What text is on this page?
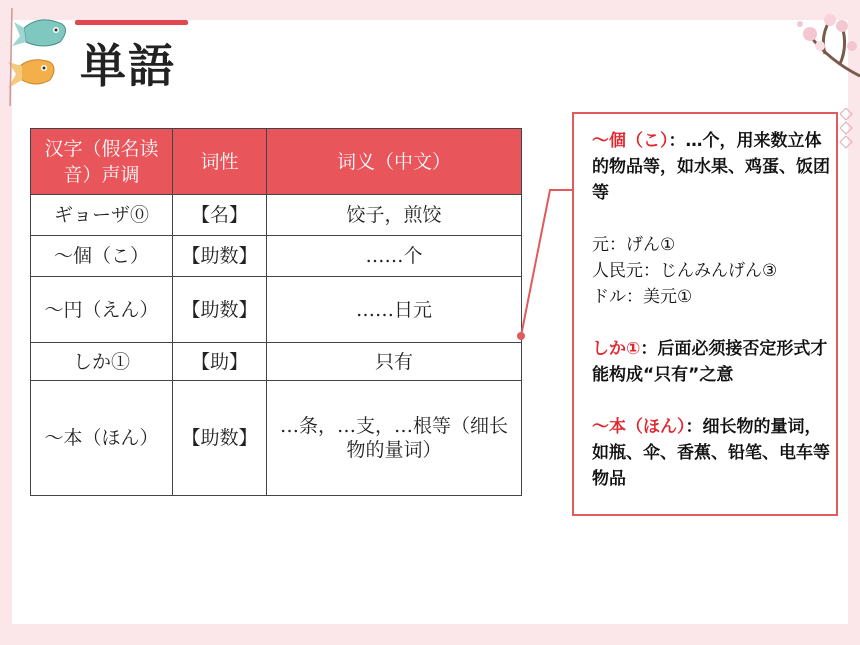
単語
汉字（假名读音）声调	词性	词义（中文）
ギョーザ⓪	【名】	饺子，煎饺
～個（こ）	【助数】	……个
～円（えん）	【助数】	……日元
しか①	【助】	只有
～本（ほん）	【助数】	…条，…支，…根等（细长物的量词）

～個（こ）：…个，用来数立体的物品等，如水果、鸡蛋、饭团等

元：げん①

人民元：じんみんげん③

ドル：美元①

しか①：后面必须接否定形式才能构成“只有”之意

～本（ほん）：细长物的量词，如瓶、伞、香蕉、铅笔、电车等物品
